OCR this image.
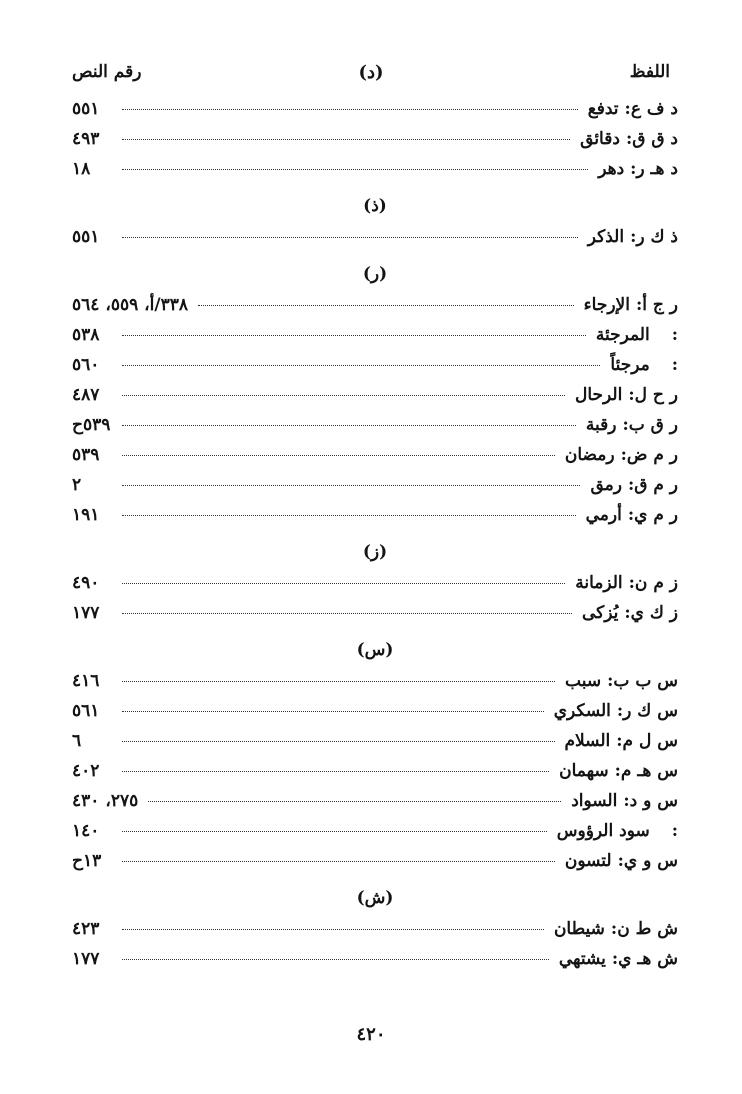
اللفظ
(د)
رقم النص
د ف ع:
تدفع
٥٥١
د ق ق:
دقائق
٤٩٣
د هـ ر:
دهر
١٨
(ذ)
ذ ك ر:
الذكر
٥٥١
(ر)
ر ج أ:
الإرجاء
٣٣٨/أ، ٥٥٩، ٥٦٤
:
المرجئة
٥٣٨
:
مرجئاً
٥٦٠
ر ح ل:
الرحال
٤٨٧
ر ق ب:
رقبة
٥٣٩ح
ر م ض:
رمضان
٥٣٩
ر م ق:
رمق
٢
ر م ي:
أرمي
١٩١
(ز)
ز م ن:
الزمانة
٤٩٠
ز ك ي:
يُزكى
١٧٧
(س)
س ب ب:
سبب
٤١٦
س ك ر:
السكري
٥٦١
س ل م:
السلام
٦
س هـ م:
سهمان
٤٠٢
س و د:
السواد
٢٧٥، ٤٣٠
:
سود الرؤوس
١٤٠
س و ي:
لتسون
١٣ح
(ش)
ش ط ن:
شيطان
٤٢٣
ش هـ ي:
يشتهي
١٧٧
٤٢٠
